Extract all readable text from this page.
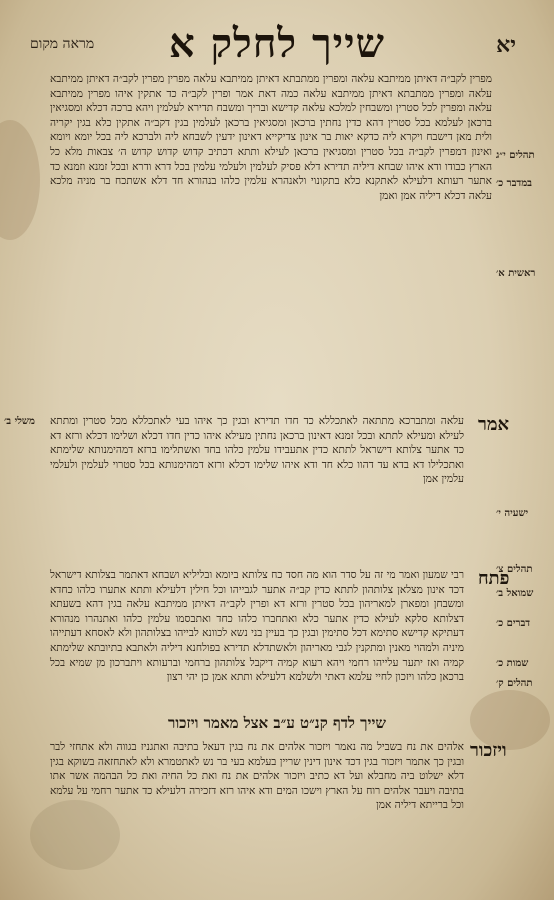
יא
שייך לחלק א
מראה מקום

מפרין לקב״ה דאיתן ממיתבא עלאה ומפרין ממתבתא דאיתן ממיתבא עלאה מפרין מפרין לקב״ה דאיתן ממיתבא עלאה ומפרין ממתבתא דאיתן ממיתבא עלאה כמה דאת אמר ופרין לקב״ה כד אתקין איהו מפרין ממיתבא עלאה ומפרין לכל סטרין ומשבחין למלכא עלאה קדישא ובריך ומשבח תדירא לעלמין ויהא ברכה דכלא ומסגיאין ברכאן לעלמא בכל סטרין דהא כדין נחתין ברכאן ומסגיאין ברכאן לעלמין בגין דקב״ה אתקין כלא בגין יקריה ולית מאן דישבח ויקרא ליה כדקא יאות בר אינון צדיקייא דאינון ידעין לשבחא ליה ולברכא ליה בכל יומא ויומא ואינון דמפרין לקב״ה בכל סטרין ומסגיאין ברכאן לעילא ותתא דכתיב קדוש קדוש קדוש ה׳ צבאות מלא כל הארץ כבודו ודא איהו שבחא דיליה תדירא דלא פסיק לעלמין ולעלמי עלמין בכל דרא ודרא ובכל זמנא וזמנא כד אתער רעותא דלעילא לאתקנא כלא בתקונוי ולאנהרא עלמין כלהו בנהורא חד דלא אשתכח בר מניה מלכא עלאה דכלא דיליה אמן ואמן

אמר

עלאה ומתברכא מתתאה לאתכללא כד חדו תדירא ובגין כך איהו בעי לאתכללא מכל סטרין ומתתא לעילא ומעילא לתתא ובכל זמנא דאינון ברכאן נחתין מעילא איהו כדין חדו דכלא ושלימו דכלא ורזא דא כד אתער צלותא דישראל לתתא כדין אתעבידו עלמין כלהו בחד ואשתלימו ברזא דמהימנותא שלימתא ואתכלילו דא בדא עד דהוו כלא חד ודא איהו שלימו דכלא ורזא דמהימנותא בכל סטרוי לעלמין ולעלמי עלמין אמן

פתח

רבי שמעון ואמר מי זה על סדר הוא מה חסד כח צלותא ביומא ובליליא ושבחא דאתמר בצלותא דישראל דכד אינון מצלאן צלותהון לתתא כדין קב״ה אתער לגבייהו וכל חילין דלעילא ותתא אתערו כלהו כחדא ומשבחן ומפארן למאריהון בכל סטרין ורזא דא ופרין לקב״ה דאיתן ממיתבא עלאה בגין דהא בשעתא דצלותא סלקא לעילא כדין אתער כלא ואתחברו כלהו כחד ואתבסמו עלמין כלהו ואתנהרו מנהורא דעתיקא קדישא סתימא דכל סתימין ובגין כך בעיין בני נשא לכוונא לבייהו בצלותהון ולא לאסחא דעתייהו מיניה ולמהוי מאנין ומתקנין לגבי מאריהון ולאשתדלא תדירא בפולחנא דיליה ולאתבא בתיובתא שלימתא קמיה ואז יתער עלייהו רחמי ויהא רעוא קמיה דיקבל צלותהון ברחמי וברעותא ויתברכון מן שמיא בכל ברכאן כלהו ויזכון לחיי עלמא דאתי ולשלמא דלעילא ותתא אמן כן יהי רצון

שייך לדף קנ״ט ע״ב אצל מאמר ויזכור
ויזכור

אלהים את נח בשביל מה נאמר ויזכור אלהים את נח בגין דעאל בתיבה ואתגניז בגווה ולא אתחזי לבר ובגין כך אתמר ויזכור בגין דכד אינון דינין שריין בעלמא בעי בר נש לאתטמרא ולא לאתחזאה בשוקא בגין דלא ישלוט ביה מחבלא ועל דא כתיב ויזכור אלהים את נח ואת כל החיה ואת כל הבהמה אשר אתו בתיבה ויעבר אלהים רוח על הארץ וישכו המים ודא איהו רזא דזכירה דלעילא כד אתער רחמי על עלמא וכל ברייתא דיליה אמן

תהלים י״ג
במדבר כ׳
ראשית א׳
משלי ב׳
ישעיה י׳
תהלים צ׳
שמואל ב׳
דברים כ׳
שמות כ׳
תהלים ק׳
